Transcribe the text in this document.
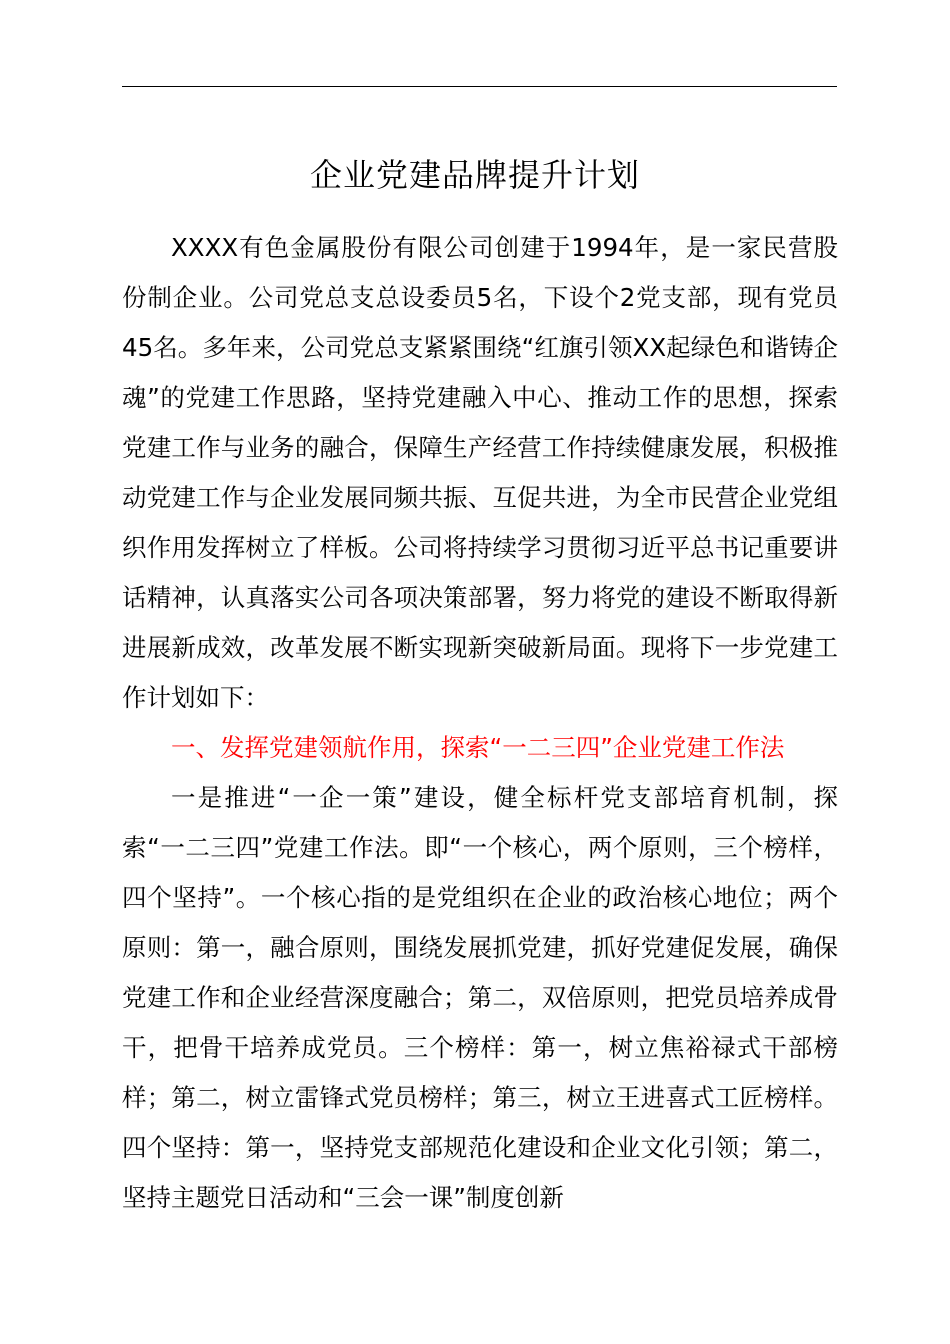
企业党建品牌提升计划

XXXX有色金属股份有限公司创建于1994年，是一家民营股份制企业。公司党总支总设委员5名，下设个2党支部，现有党员45名。多年来，公司党总支紧紧围绕“红旗引领XX起绿色和谐铸企魂”的党建工作思路，坚持党建融入中心、推动工作的思想，探索党建工作与业务的融合，保障生产经营工作持续健康发展，积极推动党建工作与企业发展同频共振、互促共进，为全市民营企业党组织作用发挥树立了样板。公司将持续学习贯彻习近平总书记重要讲话精神，认真落实公司各项决策部署，努力将党的建设不断取得新进展新成效，改革发展不断实现新突破新局面。现将下一步党建工作计划如下：

一、发挥党建领航作用，探索“一二三四”企业党建工作法

一是推进“一企一策”建设，健全标杆党支部培育机制，探索“一二三四”党建工作法。即“一个核心，两个原则，三个榜样，四个坚持”。一个核心指的是党组织在企业的政治核心地位；两个原则：第一，融合原则，围绕发展抓党建，抓好党建促发展，确保党建工作和企业经营深度融合；第二，双倍原则，把党员培养成骨干，把骨干培养成党员。三个榜样：第一，树立焦裕禄式干部榜样；第二，树立雷锋式党员榜样；第三，树立王进喜式工匠榜样。四个坚持：第一，坚持党支部规范化建设和企业文化引领；第二，坚持主题党日活动和“三会一课”制度创新
